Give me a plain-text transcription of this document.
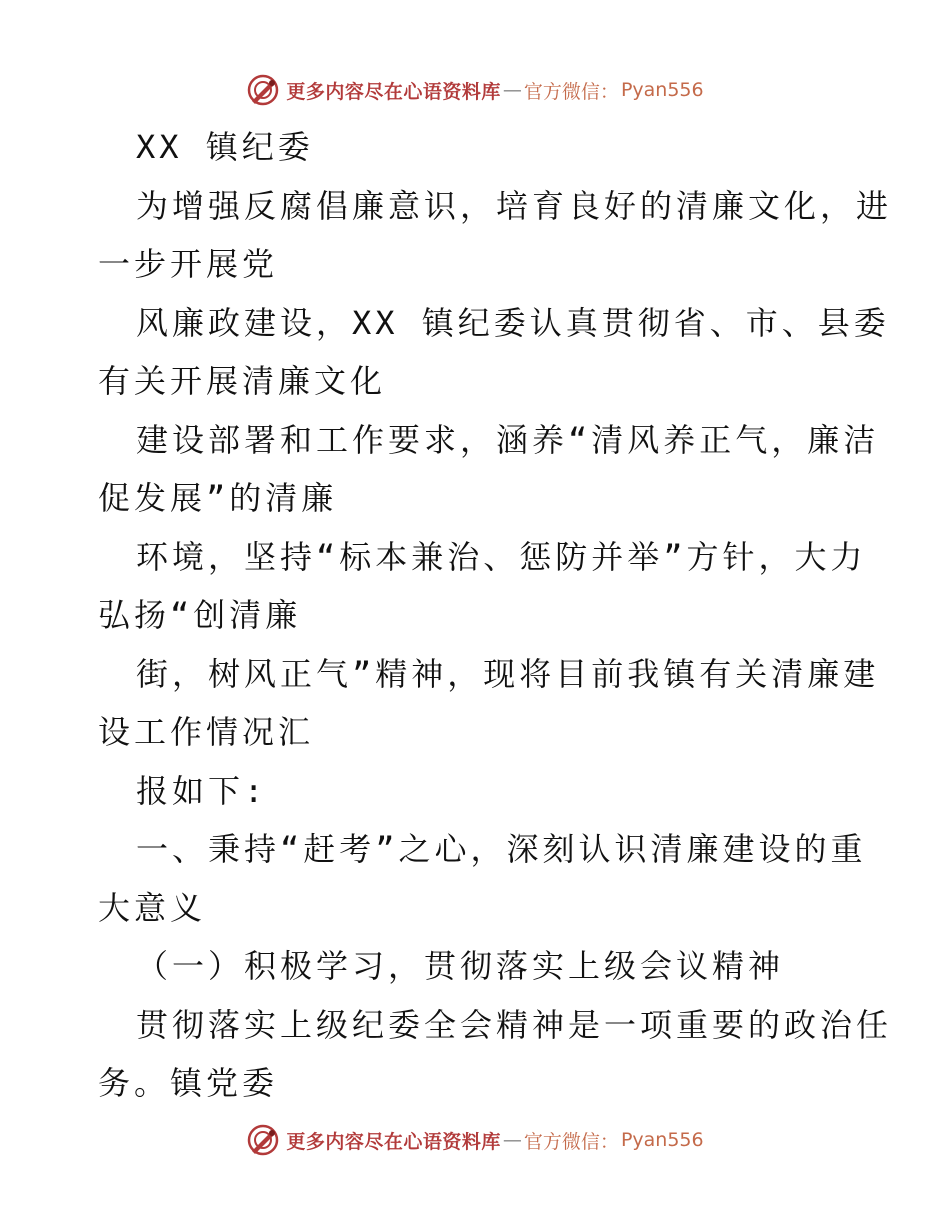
更多内容尽在心语资料库 — 官方微信： Pyan556

XX 镇纪委

为增强反腐倡廉意识，培育良好的清廉文化，进

一步开展党

风廉政建设，XX 镇纪委认真贯彻省、市、县委

有关开展清廉文化

建设部署和工作要求，涵养“清风养正气，廉洁

促发展”的清廉

环境，坚持“标本兼治、惩防并举”方针，大力

弘扬“创清廉

街，树风正气”精神，现将目前我镇有关清廉建

设工作情况汇

报如下:

一、秉持“赶考”之心，深刻认识清廉建设的重

大意义

（一）积极学习，贯彻落实上级会议精神

贯彻落实上级纪委全会精神是一项重要的政治任

务。镇党委

更多内容尽在心语资料库 — 官方微信： Pyan556
